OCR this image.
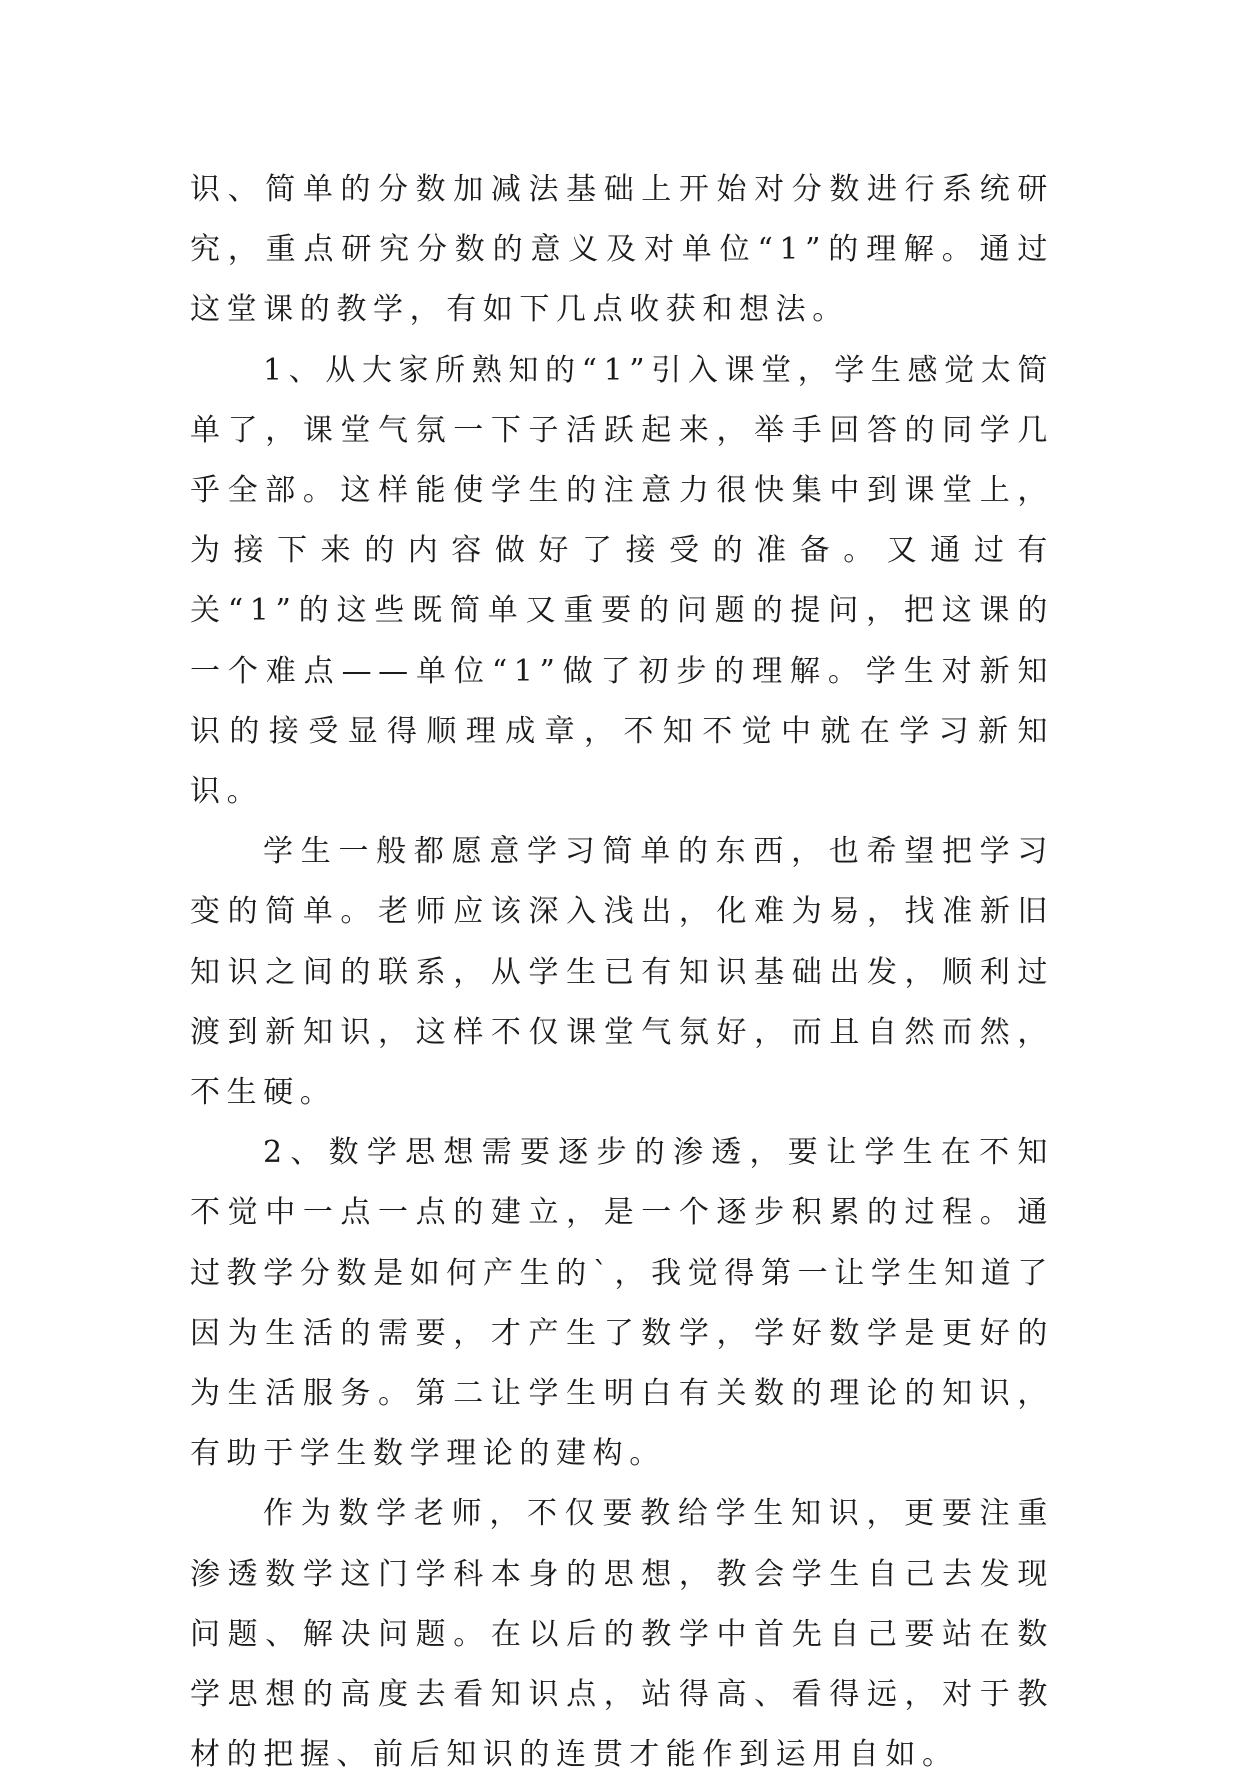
识、简单的分数加减法基础上开始对分数进行系统研究，重点研究分数的意义及对单位“1”的理解。通过这堂课的教学，有如下几点收获和想法。

1、从大家所熟知的“1”引入课堂，学生感觉太简单了，课堂气氛一下子活跃起来，举手回答的同学几乎全部。这样能使学生的注意力很快集中到课堂上，为接下来的内容做好了接受的准备。又通过有关“1”的这些既简单又重要的问题的提问，把这课的一个难点——单位“1”做了初步的理解。学生对新知识的接受显得顺理成章，不知不觉中就在学习新知识。

学生一般都愿意学习简单的东西，也希望把学习变的简单。老师应该深入浅出，化难为易，找准新旧知识之间的联系，从学生已有知识基础出发，顺利过渡到新知识，这样不仅课堂气氛好，而且自然而然，不生硬。

2、数学思想需要逐步的渗透，要让学生在不知不觉中一点一点的建立，是一个逐步积累的过程。通过教学分数是如何产生的`，我觉得第一让学生知道了因为生活的需要，才产生了数学，学好数学是更好的为生活服务。第二让学生明白有关数的理论的知识，有助于学生数学理论的建构。

作为数学老师，不仅要教给学生知识，更要注重渗透数学这门学科本身的思想，教会学生自己去发现问题、解决问题。在以后的教学中首先自己要站在数学思想的高度去看知识点，站得高、看得远，对于教材的把握、前后知识的连贯才能作到运用自如。
